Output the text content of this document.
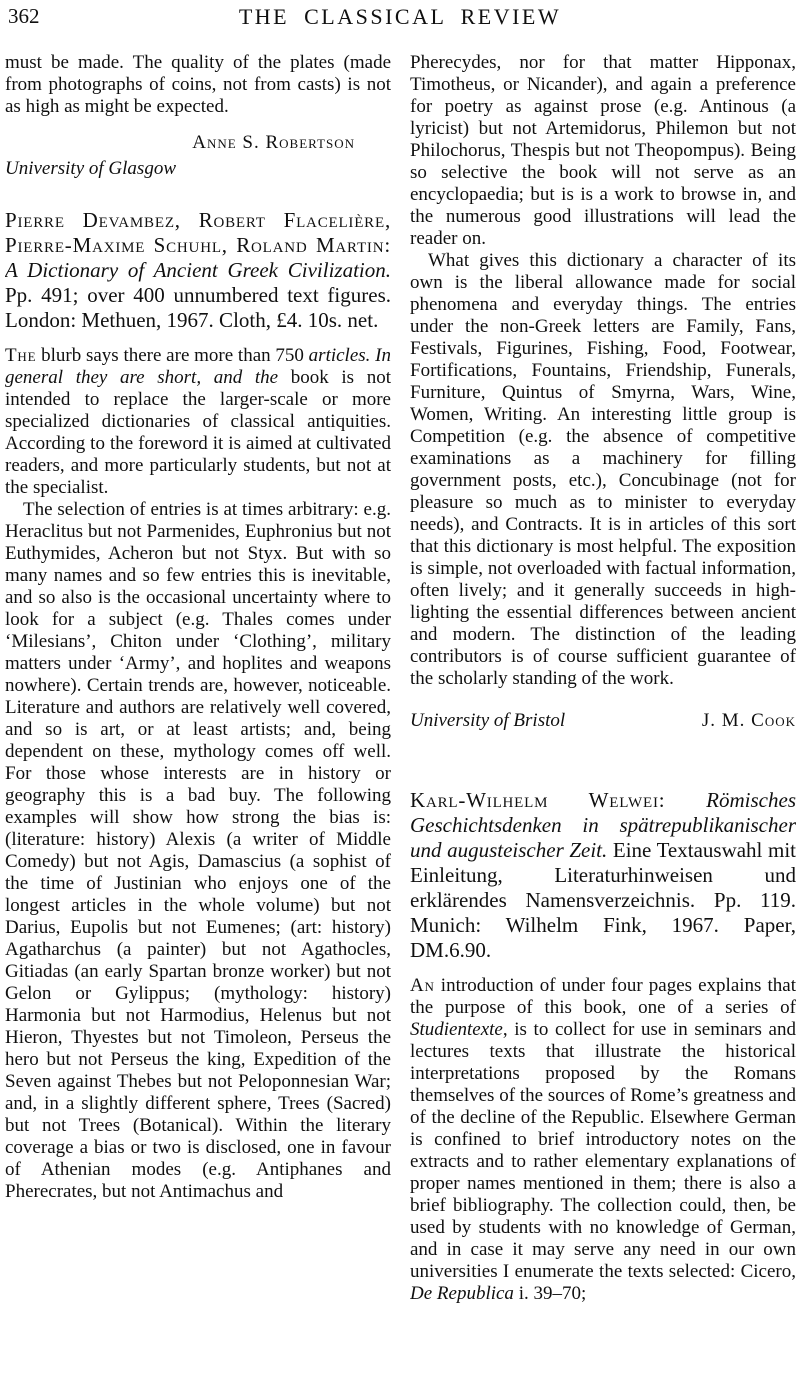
362	THE CLASSICAL REVIEW

must be made. The quality of the plates (made from photographs of coins, not from casts) is not as high as might be expected.

Anne S. Robertson
University of Glasgow

Pierre Devambez, Robert Flacelière, Pierre-Maxime Schuhl, Roland Martin: A Dictionary of Ancient Greek Civilization. Pp. 491; over 400 unnumbered text figures. London: Methuen, 1967. Cloth, £4. 10s. net.

The blurb says there are more than 750 articles. In general they are short, and the book is not intended to replace the larger-scale or more specialized dictionaries of classical antiquities. According to the foreword it is aimed at cultivated readers, and more particularly students, but not at the specialist.

The selection of entries is at times arbitrary: e.g. Heraclitus but not Parmenides, Euphronius but not Euthymides, Acheron but not Styx. But with so many names and so few entries this is inevitable, and so also is the occasional uncertainty where to look for a subject (e.g. Thales comes under ‘Milesians’, Chiton under ‘Clothing’, military matters under ‘Army’, and hoplites and weapons nowhere). Certain trends are, however, noticeable. Literature and authors are relatively well covered, and so is art, or at least artists; and, being dependent on these, mythology comes off well. For those whose interests are in history or geography this is a bad buy. The following examples will show how strong the bias is: (literature: history) Alexis (a writer of Middle Comedy) but not Agis, Damascius (a sophist of the time of Justinian who enjoys one of the longest articles in the whole volume) but not Darius, Eupolis but not Eumenes; (art: history) Agatharchus (a painter) but not Agathocles, Gitiadas (an early Spartan bronze worker) but not Gelon or Gylippus; (mythology: history) Harmonia but not Harmodius, Helenus but not Hieron, Thyestes but not Timoleon, Perseus the hero but not Perseus the king, Expedition of the Seven against Thebes but not Peloponnesian War; and, in a slightly different sphere, Trees (Sacred) but not Trees (Botanical). Within the literary coverage a bias or two is disclosed, one in favour of Athenian modes (e.g. Antiphanes and Pherecrates, but not Antimachus and

Pherecydes, nor for that matter Hipponax, Timotheus, or Nicander), and again a preference for poetry as against prose (e.g. Antinous (a lyricist) but not Artemidorus, Philemon but not Philochorus, Thespis but not Theopompus). Being so selective the book will not serve as an encyclopaedia; but is is a work to browse in, and the numerous good illustrations will lead the reader on.

What gives this dictionary a character of its own is the liberal allowance made for social phenomena and everyday things. The entries under the non-Greek letters are Family, Fans, Festivals, Figurines, Fishing, Food, Footwear, Fortifications, Fountains, Friendship, Funerals, Furniture, Quintus of Smyrna, Wars, Wine, Women, Writing. An interesting little group is Competition (e.g. the absence of competitive examinations as a machinery for filling government posts, etc.), Concubinage (not for pleasure so much as to minister to everyday needs), and Contracts. It is in articles of this sort that this dictionary is most helpful. The exposition is simple, not overloaded with factual information, often lively; and it generally succeeds in high-lighting the essential differences between ancient and modern. The distinction of the leading contributors is of course sufficient guarantee of the scholarly standing of the work.

University of Bristol	J. M. Cook

Karl-Wilhelm Welwei: Römisches Geschichtsdenken in spätrepublikanischer und augusteischer Zeit. Eine Textauswahl mit Einleitung, Literaturhinweisen und erklärendes Namensverzeichnis. Pp. 119. Munich: Wilhelm Fink, 1967. Paper, DM.6.90.

An introduction of under four pages explains that the purpose of this book, one of a series of Studientexte, is to collect for use in seminars and lectures texts that illustrate the historical interpretations proposed by the Romans themselves of the sources of Rome’s greatness and of the decline of the Republic. Elsewhere German is confined to brief introductory notes on the extracts and to rather elementary explanations of proper names mentioned in them; there is also a brief bibliography. The collection could, then, be used by students with no knowledge of German, and in case it may serve any need in our own universities I enumerate the texts selected: Cicero, De Republica i. 39–70;
